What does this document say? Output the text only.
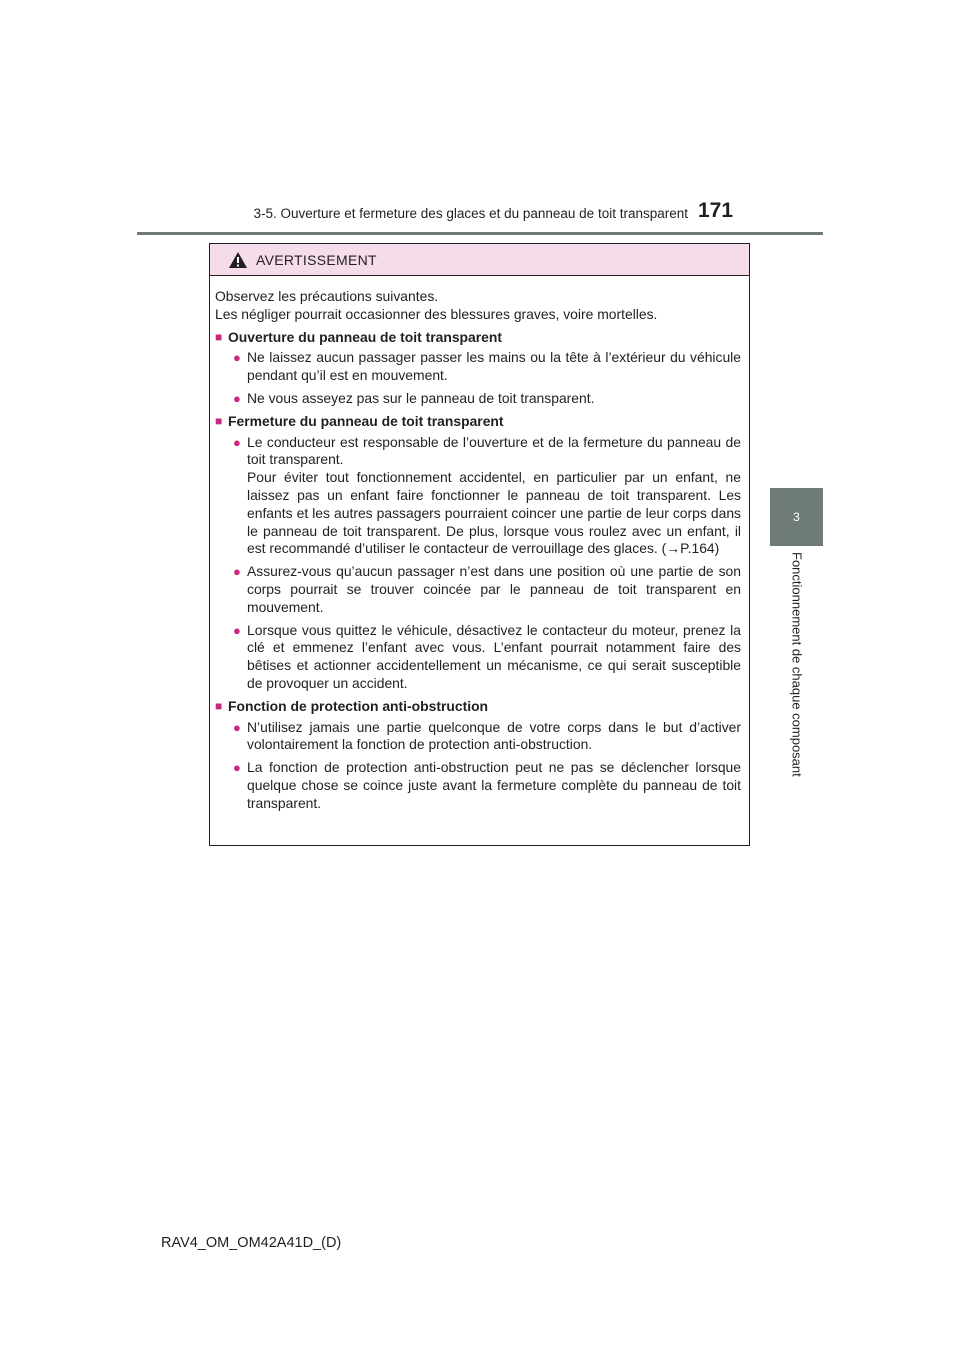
3-5. Ouverture et fermeture des glaces et du panneau de toit transparent 171
3
Fonctionnement de chaque composant
AVERTISSEMENT

Observez les précautions suivantes.

Les négliger pourrait occasionner des blessures graves, voire mortelles.

■ Ouverture du panneau de toit transparent
● Ne laissez aucun passager passer les mains ou la tête à l’extérieur du véhicule pendant qu’il est en mouvement.
● Ne vous asseyez pas sur le panneau de toit transparent.
■ Fermeture du panneau de toit transparent
● Le conducteur est responsable de l’ouverture et de la fermeture du panneau de toit transparent.
Pour éviter tout fonctionnement accidentel, en particulier par un enfant, ne laissez pas un enfant faire fonctionner le panneau de toit transparent. Les enfants et les autres passagers pourraient coincer une partie de leur corps dans le panneau de toit transparent. De plus, lorsque vous roulez avec un enfant, il est recommandé d’utiliser le contacteur de verrouillage des glaces. (→P.164)
● Assurez-vous qu’aucun passager n’est dans une position où une partie de son corps pourrait se trouver coincée par le panneau de toit transparent en mouvement.
● Lorsque vous quittez le véhicule, désactivez le contacteur du moteur, prenez la clé et emmenez l’enfant avec vous. L’enfant pourrait notamment faire des bêtises et actionner accidentellement un mécanisme, ce qui serait susceptible de provoquer un accident.
■ Fonction de protection anti-obstruction
● N’utilisez jamais une partie quelconque de votre corps dans le but d’activer volontairement la fonction de protection anti-obstruction.
● La fonction de protection anti-obstruction peut ne pas se déclencher lorsque quelque chose se coince juste avant la fermeture complète du panneau de toit transparent.
RAV4_OM_OM42A41D_(D)
